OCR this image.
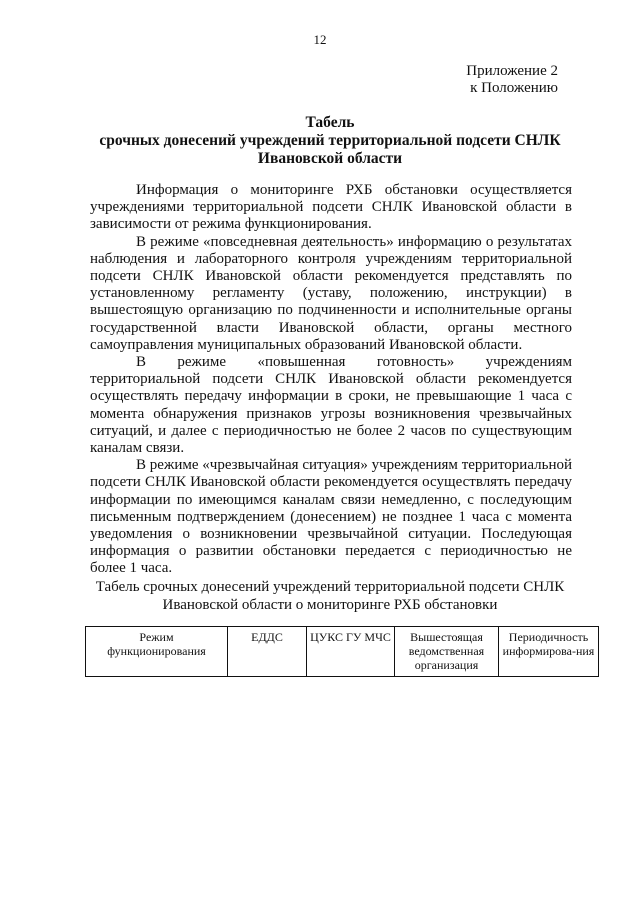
12
Приложение 2
к Положению
Табель
срочных донесений учреждений территориальной подсети СНЛК
Ивановской области

Информация о мониторинге РХБ обстановки осуществляется учреждениями территориальной подсети СНЛК Ивановской области в зависимости от режима функционирования.

В режиме «повседневная деятельность» информацию о результатах наблюдения и лабораторного контроля учреждениям территориальной подсети СНЛК Ивановской области рекомендуется представлять по установленному регламенту (уставу, положению, инструкции) в вышестоящую организацию по подчиненности и исполнительные органы государственной власти Ивановской области, органы местного самоуправления муниципальных образований Ивановской области.

В режиме «повышенная готовность» учреждениям территориальной подсети СНЛК Ивановской области рекомендуется осуществлять передачу информации в сроки, не превышающие 1 часа с момента обнаружения признаков угрозы возникновения чрезвычайных ситуаций, и далее с периодичностью не более 2 часов по существующим каналам связи.

В режиме «чрезвычайная ситуация» учреждениям территориальной подсети СНЛК Ивановской области рекомендуется осуществлять передачу информации по имеющимся каналам связи немедленно, с последующим письменным подтверждением (донесением) не позднее 1 часа с момента уведомления о возникновении чрезвычайной ситуации. Последующая информация о развитии обстановки передается с периодичностью не более 1 часа.

Табель срочных донесений учреждений территориальной подсети СНЛК
Ивановской области о мониторинге РХБ обстановки
Режим функционирования	ЕДДС	ЦУКС ГУ МЧС	Вышестоящая ведомственная организация	Периодичность информирова-ния
